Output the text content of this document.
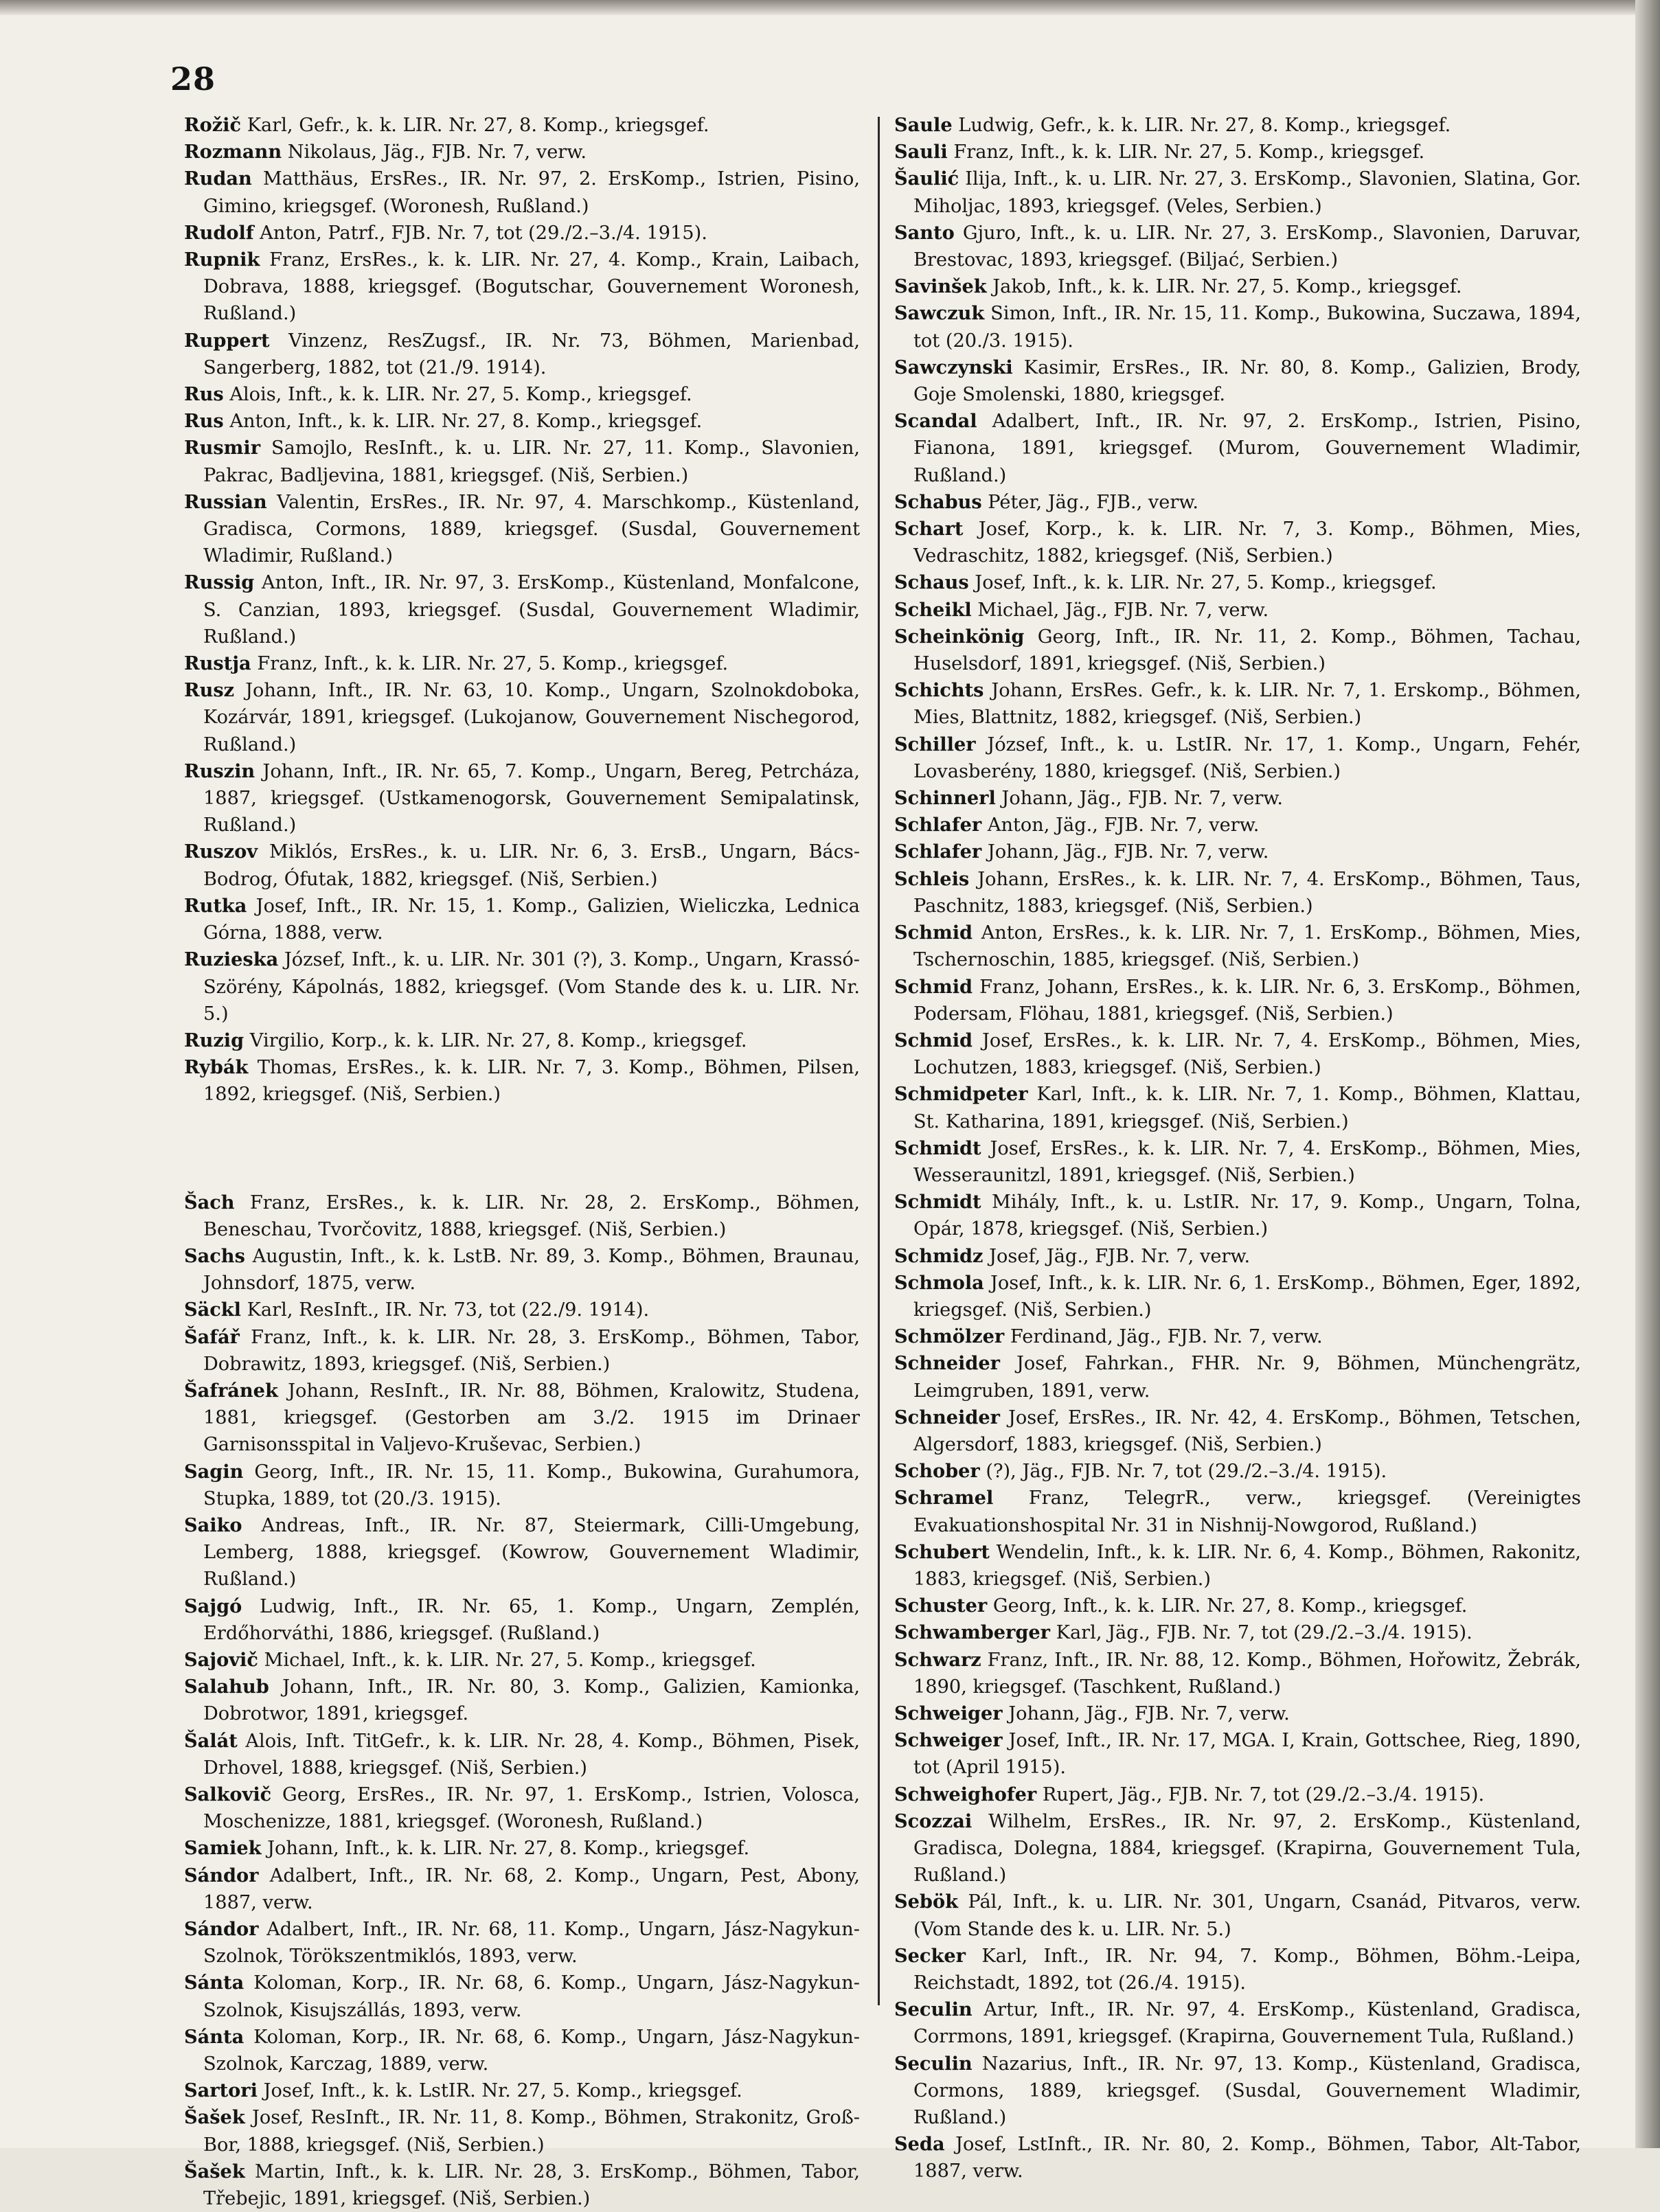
28

Rožič Karl, Gefr., k. k. LIR. Nr. 27, 8. Komp., kriegsgef.

Rozmann Nikolaus, Jäg., FJB. Nr. 7, verw.

Rudan Matthäus, ErsRes., IR. Nr. 97, 2. ErsKomp., Istrien, Pisino, Gimino, kriegsgef. (Woronesh, Rußland.)

Rudolf Anton, Patrf., FJB. Nr. 7, tot (29./2.–3./4. 1915).

Rupnik Franz, ErsRes., k. k. LIR. Nr. 27, 4. Komp., Krain, Laibach, Dobrava, 1888, kriegsgef. (Bogutschar, Gouvernement Woronesh, Rußland.)

Ruppert Vinzenz, ResZugsf., IR. Nr. 73, Böhmen, Marienbad, Sangerberg, 1882, tot (21./9. 1914).

Rus Alois, Inft., k. k. LIR. Nr. 27, 5. Komp., kriegsgef.

Rus Anton, Inft., k. k. LIR. Nr. 27, 8. Komp., kriegsgef.

Rusmir Samojlo, ResInft., k. u. LIR. Nr. 27, 11. Komp., Slavonien, Pakrac, Badljevina, 1881, kriegsgef. (Niš, Serbien.)

Russian Valentin, ErsRes., IR. Nr. 97, 4. Marschkomp., Küstenland, Gradisca, Cormons, 1889, kriegsgef. (Susdal, Gouvernement Wladimir, Rußland.)

Russig Anton, Inft., IR. Nr. 97, 3. ErsKomp., Küstenland, Monfalcone, S. Canzian, 1893, kriegsgef. (Susdal, Gouvernement Wladimir, Rußland.)

Rustja Franz, Inft., k. k. LIR. Nr. 27, 5. Komp., kriegsgef.

Rusz Johann, Inft., IR. Nr. 63, 10. Komp., Ungarn, Szolnokdoboka, Kozárvár, 1891, kriegsgef. (Lukojanow, Gouvernement Nischegorod, Rußland.)

Ruszin Johann, Inft., IR. Nr. 65, 7. Komp., Ungarn, Bereg, Petrcháza, 1887, kriegsgef. (Ustkamenogorsk, Gouvernement Semipalatinsk, Rußland.)

Ruszov Miklós, ErsRes., k. u. LIR. Nr. 6, 3. ErsB., Ungarn, Bács-Bodrog, Ófutak, 1882, kriegsgef. (Niš, Serbien.)

Rutka Josef, Inft., IR. Nr. 15, 1. Komp., Galizien, Wieliczka, Lednica Górna, 1888, verw.

Ruzieska József, Inft., k. u. LIR. Nr. 301 (?), 3. Komp., Ungarn, Krassó-Szörény, Kápolnás, 1882, kriegsgef. (Vom Stande des k. u. LIR. Nr. 5.)

Ruzig Virgilio, Korp., k. k. LIR. Nr. 27, 8. Komp., kriegsgef.

Rybák Thomas, ErsRes., k. k. LIR. Nr. 7, 3. Komp., Böhmen, Pilsen, 1892, kriegsgef. (Niš, Serbien.)

Šach Franz, ErsRes., k. k. LIR. Nr. 28, 2. ErsKomp., Böhmen, Beneschau, Tvorčovitz, 1888, kriegsgef. (Niš, Serbien.)

Sachs Augustin, Inft., k. k. LstB. Nr. 89, 3. Komp., Böhmen, Braunau, Johnsdorf, 1875, verw.

Säckl Karl, ResInft., IR. Nr. 73, tot (22./9. 1914).

Šafář Franz, Inft., k. k. LIR. Nr. 28, 3. ErsKomp., Böhmen, Tabor, Dobrawitz, 1893, kriegsgef. (Niš, Serbien.)

Šafránek Johann, ResInft., IR. Nr. 88, Böhmen, Kralowitz, Studena, 1881, kriegsgef. (Gestorben am 3./2. 1915 im Drinaer Garnisonsspital in Valjevo-Kruševac, Serbien.)

Sagin Georg, Inft., IR. Nr. 15, 11. Komp., Bukowina, Gurahumora, Stupka, 1889, tot (20./3. 1915).

Saiko Andreas, Inft., IR. Nr. 87, Steiermark, Cilli-Umgebung, Lemberg, 1888, kriegsgef. (Kowrow, Gouvernement Wladimir, Rußland.)

Sajgó Ludwig, Inft., IR. Nr. 65, 1. Komp., Ungarn, Zemplén, Erdőhorváthi, 1886, kriegsgef. (Rußland.)

Sajovič Michael, Inft., k. k. LIR. Nr. 27, 5. Komp., kriegsgef.

Salahub Johann, Inft., IR. Nr. 80, 3. Komp., Galizien, Kamionka, Dobrotwor, 1891, kriegsgef.

Šalát Alois, Inft. TitGefr., k. k. LIR. Nr. 28, 4. Komp., Böhmen, Pisek, Drhovel, 1888, kriegsgef. (Niš, Serbien.)

Salkovič Georg, ErsRes., IR. Nr. 97, 1. ErsKomp., Istrien, Volosca, Moschenizze, 1881, kriegsgef. (Woronesh, Rußland.)

Samiek Johann, Inft., k. k. LIR. Nr. 27, 8. Komp., kriegsgef.

Sándor Adalbert, Inft., IR. Nr. 68, 2. Komp., Ungarn, Pest, Abony, 1887, verw.

Sándor Adalbert, Inft., IR. Nr. 68, 11. Komp., Ungarn, Jász-Nagykun-Szolnok, Törökszentmiklós, 1893, verw.

Sánta Koloman, Korp., IR. Nr. 68, 6. Komp., Ungarn, Jász-Nagykun-Szolnok, Kisujszállás, 1893, verw.

Sánta Koloman, Korp., IR. Nr. 68, 6. Komp., Ungarn, Jász-Nagykun-Szolnok, Karczag, 1889, verw.

Sartori Josef, Inft., k. k. LstIR. Nr. 27, 5. Komp., kriegsgef.

Šašek Josef, ResInft., IR. Nr. 11, 8. Komp., Böhmen, Strakonitz, Groß-Bor, 1888, kriegsgef. (Niš, Serbien.)

Šašek Martin, Inft., k. k. LIR. Nr. 28, 3. ErsKomp., Böhmen, Tabor, Třebejic, 1891, kriegsgef. (Niš, Serbien.)

Saule Ludwig, Gefr., k. k. LIR. Nr. 27, 8. Komp., kriegsgef.

Sauli Franz, Inft., k. k. LIR. Nr. 27, 5. Komp., kriegsgef.

Šaulić Ilija, Inft., k. u. LIR. Nr. 27, 3. ErsKomp., Slavonien, Slatina, Gor. Miholjac, 1893, kriegsgef. (Veles, Serbien.)

Santo Gjuro, Inft., k. u. LIR. Nr. 27, 3. ErsKomp., Slavonien, Daruvar, Brestovac, 1893, kriegsgef. (Biljać, Serbien.)

Savinšek Jakob, Inft., k. k. LIR. Nr. 27, 5. Komp., kriegsgef.

Sawczuk Simon, Inft., IR. Nr. 15, 11. Komp., Bukowina, Suczawa, 1894, tot (20./3. 1915).

Sawczynski Kasimir, ErsRes., IR. Nr. 80, 8. Komp., Galizien, Brody, Goje Smolenski, 1880, kriegsgef.

Scandal Adalbert, Inft., IR. Nr. 97, 2. ErsKomp., Istrien, Pisino, Fianona, 1891, kriegsgef. (Murom, Gouvernement Wladimir, Rußland.)

Schabus Péter, Jäg., FJB., verw.

Schart Josef, Korp., k. k. LIR. Nr. 7, 3. Komp., Böhmen, Mies, Vedraschitz, 1882, kriegsgef. (Niš, Serbien.)

Schaus Josef, Inft., k. k. LIR. Nr. 27, 5. Komp., kriegsgef.

Scheikl Michael, Jäg., FJB. Nr. 7, verw.

Scheinkönig Georg, Inft., IR. Nr. 11, 2. Komp., Böhmen, Tachau, Huselsdorf, 1891, kriegsgef. (Niš, Serbien.)

Schichts Johann, ErsRes. Gefr., k. k. LIR. Nr. 7, 1. Erskomp., Böhmen, Mies, Blattnitz, 1882, kriegsgef. (Niš, Serbien.)

Schiller József, Inft., k. u. LstIR. Nr. 17, 1. Komp., Ungarn, Fehér, Lovasberény, 1880, kriegsgef. (Niš, Serbien.)

Schinnerl Johann, Jäg., FJB. Nr. 7, verw.

Schlafer Anton, Jäg., FJB. Nr. 7, verw.

Schlafer Johann, Jäg., FJB. Nr. 7, verw.

Schleis Johann, ErsRes., k. k. LIR. Nr. 7, 4. ErsKomp., Böhmen, Taus, Paschnitz, 1883, kriegsgef. (Niš, Serbien.)

Schmid Anton, ErsRes., k. k. LIR. Nr. 7, 1. ErsKomp., Böhmen, Mies, Tschernoschin, 1885, kriegsgef. (Niš, Serbien.)

Schmid Franz, Johann, ErsRes., k. k. LIR. Nr. 6, 3. ErsKomp., Böhmen, Podersam, Flöhau, 1881, kriegsgef. (Niš, Serbien.)

Schmid Josef, ErsRes., k. k. LIR. Nr. 7, 4. ErsKomp., Böhmen, Mies, Lochutzen, 1883, kriegsgef. (Niš, Serbien.)

Schmidpeter Karl, Inft., k. k. LIR. Nr. 7, 1. Komp., Böhmen, Klattau, St. Katharina, 1891, kriegsgef. (Niš, Serbien.)

Schmidt Josef, ErsRes., k. k. LIR. Nr. 7, 4. ErsKomp., Böhmen, Mies, Wesseraunitzl, 1891, kriegsgef. (Niš, Serbien.)

Schmidt Mihály, Inft., k. u. LstIR. Nr. 17, 9. Komp., Ungarn, Tolna, Opár, 1878, kriegsgef. (Niš, Serbien.)

Schmidz Josef, Jäg., FJB. Nr. 7, verw.

Schmola Josef, Inft., k. k. LIR. Nr. 6, 1. ErsKomp., Böhmen, Eger, 1892, kriegsgef. (Niš, Serbien.)

Schmölzer Ferdinand, Jäg., FJB. Nr. 7, verw.

Schneider Josef, Fahrkan., FHR. Nr. 9, Böhmen, Münchengrätz, Leimgruben, 1891, verw.

Schneider Josef, ErsRes., IR. Nr. 42, 4. ErsKomp., Böhmen, Tetschen, Algersdorf, 1883, kriegsgef. (Niš, Serbien.)

Schober (?), Jäg., FJB. Nr. 7, tot (29./2.–3./4. 1915).

Schramel Franz, TelegrR., verw., kriegsgef. (Vereinigtes Evakuationshospital Nr. 31 in Nishnij-Nowgorod, Rußland.)

Schubert Wendelin, Inft., k. k. LIR. Nr. 6, 4. Komp., Böhmen, Rakonitz, 1883, kriegsgef. (Niš, Serbien.)

Schuster Georg, Inft., k. k. LIR. Nr. 27, 8. Komp., kriegsgef.

Schwamberger Karl, Jäg., FJB. Nr. 7, tot (29./2.–3./4. 1915).

Schwarz Franz, Inft., IR. Nr. 88, 12. Komp., Böhmen, Hořowitz, Žebrák, 1890, kriegsgef. (Taschkent, Rußland.)

Schweiger Johann, Jäg., FJB. Nr. 7, verw.

Schweiger Josef, Inft., IR. Nr. 17, MGA. I, Krain, Gottschee, Rieg, 1890, tot (April 1915).

Schweighofer Rupert, Jäg., FJB. Nr. 7, tot (29./2.–3./4. 1915).

Scozzai Wilhelm, ErsRes., IR. Nr. 97, 2. ErsKomp., Küstenland, Gradisca, Dolegna, 1884, kriegsgef. (Krapirna, Gouvernement Tula, Rußland.)

Sebök Pál, Inft., k. u. LIR. Nr. 301, Ungarn, Csanád, Pitvaros, verw. (Vom Stande des k. u. LIR. Nr. 5.)

Secker Karl, Inft., IR. Nr. 94, 7. Komp., Böhmen, Böhm.-Leipa, Reichstadt, 1892, tot (26./4. 1915).

Seculin Artur, Inft., IR. Nr. 97, 4. ErsKomp., Küstenland, Gradisca, Corrmons, 1891, kriegsgef. (Krapirna, Gouvernement Tula, Rußland.)

Seculin Nazarius, Inft., IR. Nr. 97, 13. Komp., Küstenland, Gradisca, Cormons, 1889, kriegsgef. (Susdal, Gouvernement Wladimir, Rußland.)

Seda Josef, LstInft., IR. Nr. 80, 2. Komp., Böhmen, Tabor, Alt-Tabor, 1887, verw.
